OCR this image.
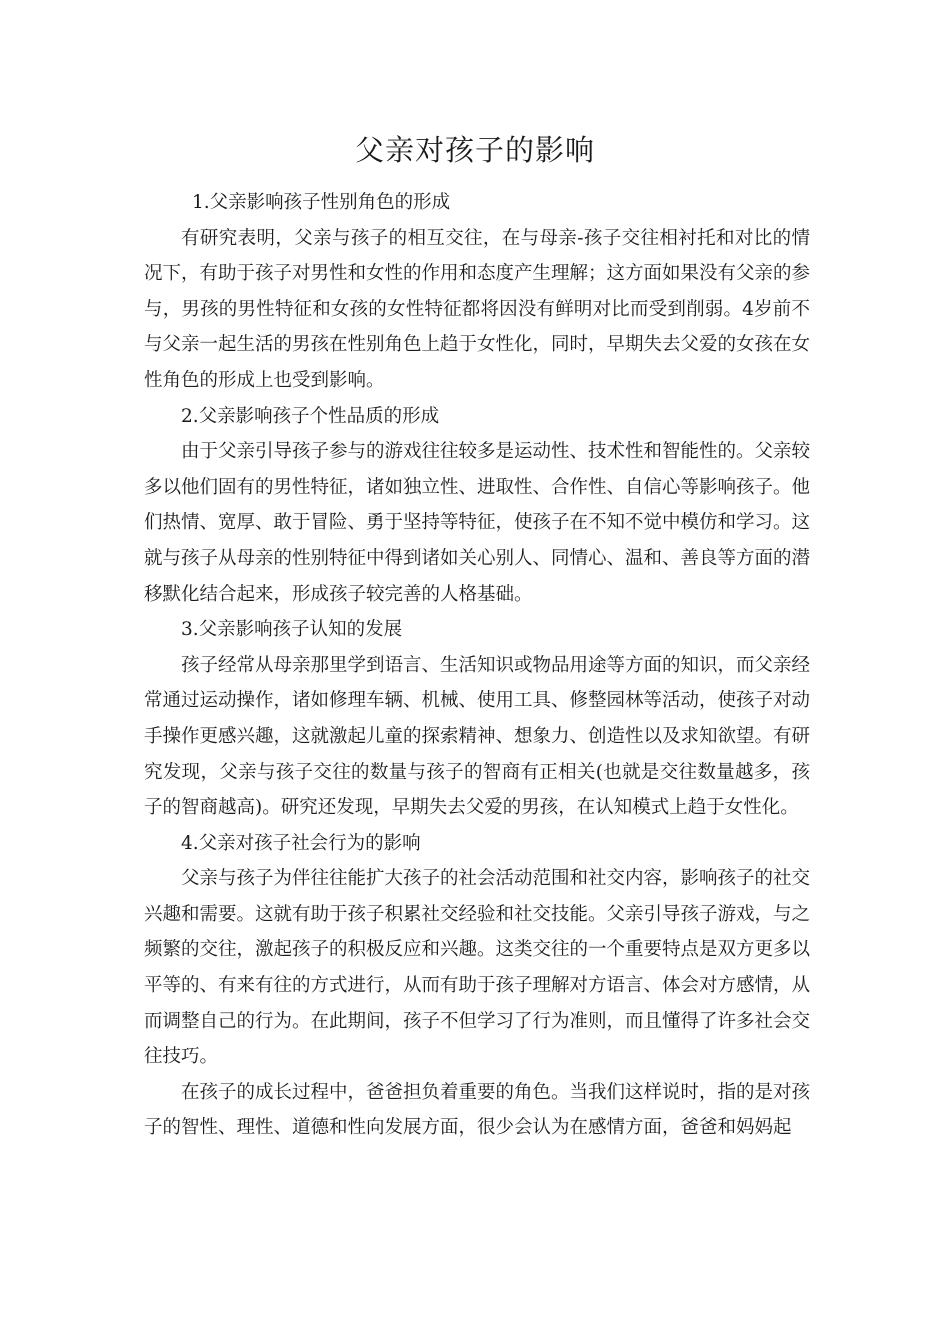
父亲对孩子的影响

1.父亲影响孩子性别角色的形成

有研究表明，父亲与孩子的相互交往，在与母亲-孩子交往相衬托和对比的情况下，有助于孩子对男性和女性的作用和态度产生理解；这方面如果没有父亲的参与，男孩的男性特征和女孩的女性特征都将因没有鲜明对比而受到削弱。4岁前不与父亲一起生活的男孩在性别角色上趋于女性化，同时，早期失去父爱的女孩在女性角色的形成上也受到影响。

2.父亲影响孩子个性品质的形成

由于父亲引导孩子参与的游戏往往较多是运动性、技术性和智能性的。父亲较多以他们固有的男性特征，诸如独立性、进取性、合作性、自信心等影响孩子。他们热情、宽厚、敢于冒险、勇于坚持等特征，使孩子在不知不觉中模仿和学习。这就与孩子从母亲的性别特征中得到诸如关心别人、同情心、温和、善良等方面的潜移默化结合起来，形成孩子较完善的人格基础。

3.父亲影响孩子认知的发展

孩子经常从母亲那里学到语言、生活知识或物品用途等方面的知识，而父亲经常通过运动操作，诸如修理车辆、机械、使用工具、修整园林等活动，使孩子对动手操作更感兴趣，这就激起儿童的探索精神、想象力、创造性以及求知欲望。有研究发现，父亲与孩子交往的数量与孩子的智商有正相关(也就是交往数量越多，孩子的智商越高)。研究还发现，早期失去父爱的男孩，在认知模式上趋于女性化。

4.父亲对孩子社会行为的影响

父亲与孩子为伴往往能扩大孩子的社会活动范围和社交内容，影响孩子的社交兴趣和需要。这就有助于孩子积累社交经验和社交技能。父亲引导孩子游戏，与之频繁的交往，激起孩子的积极反应和兴趣。这类交往的一个重要特点是双方更多以平等的、有来有往的方式进行，从而有助于孩子理解对方语言、体会对方感情，从而调整自己的行为。在此期间，孩子不但学习了行为准则，而且懂得了许多社会交往技巧。

在孩子的成长过程中，爸爸担负着重要的角色。当我们这样说时，指的是对孩子的智性、理性、道德和性向发展方面，很少会认为在感情方面，爸爸和妈妈起
